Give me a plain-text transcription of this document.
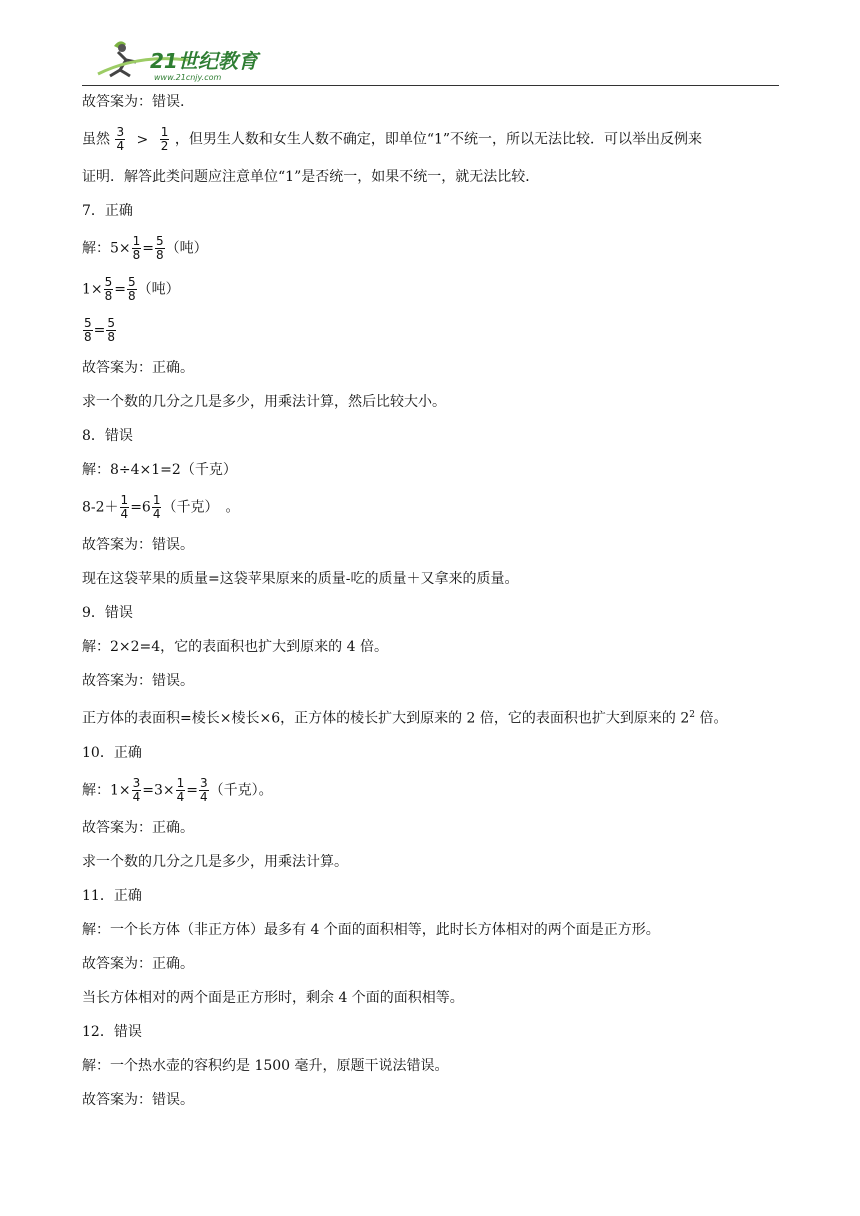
21世纪教育
www.21cnjy.com
故答案为：错误.
虽然 $\frac{3}{4} > \frac{1}{2}$ ，但男生人数和女生人数不确定，即单位“1”不统一，所以无法比较．可以举出反例来
证明．解答此类问题应注意单位“1”是否统一，如果不统一，就无法比较．
7．正确
解：$5\times \frac{1}{8} = \frac{5}{8}$ （吨）
$1\times \frac{5}{8} = \frac{5}{8}$ （吨）
$\frac{5}{8} = \frac{5}{8}$
故答案为：正确。
求一个数的几分之几是多少，用乘法计算，然后比较大小。
8．错误
解：8÷4×1=2（千克）
$8-2+ \frac{1}{4} =6 \frac{1}{4}$ （千克）　。
故答案为：错误。
现在这袋苹果的质量=这袋苹果原来的质量-吃的质量＋又拿来的质量。
9．错误
解：2×2=4，它的表面积也扩大到原来的 4 倍。
故答案为：错误。
正方体的表面积=棱长×棱长×6，正方体的棱长扩大到原来的 2 倍，它的表面积也扩大到原来的 $2^2$ 倍。
10．正确
解：$1\times \frac{3}{4} =3\times \frac{1}{4} = \frac{3}{4}$ （千克）。
故答案为：正确。
求一个数的几分之几是多少，用乘法计算。
11．正确
解：一个长方体（非正方体）最多有 4 个面的面积相等，此时长方体相对的两个面是正方形。
故答案为：正确。
当长方体相对的两个面是正方形时，剩余 4 个面的面积相等。
12．错误
解：一个热水壶的容积约是 1500 毫升，原题干说法错误。
故答案为：错误。
